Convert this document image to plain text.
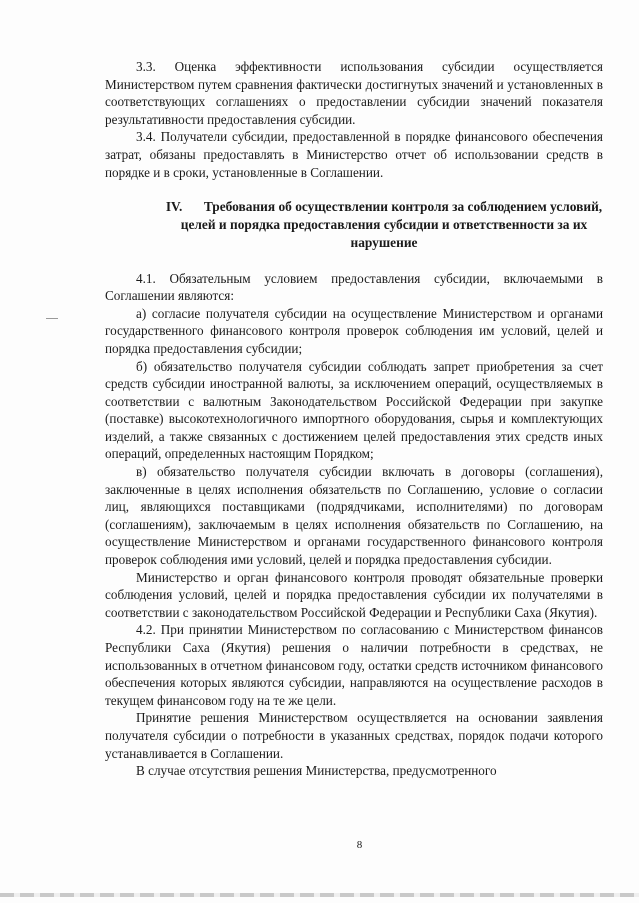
3.3. Оценка эффективности использования субсидии осуществляется Министерством путем сравнения фактически достигнутых значений и установленных в соответствующих соглашениях о предоставлении субсидии значений показателя результативности предоставления субсидии.

3.4. Получатели субсидии, предоставленной в порядке финансового обеспечения затрат, обязаны предоставлять в Министерство отчет об использовании средств в порядке и в сроки, установленные в Соглашении.

IV. Требования об осуществлении контроля за соблюдением условий, целей и порядка предоставления субсидии и ответственности за их нарушение

4.1. Обязательным условием предоставления субсидии, включаемыми в Соглашении являются:

а) согласие получателя субсидии на осуществление Министерством и органами государственного финансового контроля проверок соблюдения им условий, целей и порядка предоставления субсидии;

б) обязательство получателя субсидии соблюдать запрет приобретения за счет средств субсидии иностранной валюты, за исключением операций, осуществляемых в соответствии с валютным Законодательством Российской Федерации при закупке (поставке) высокотехнологичного импортного оборудования, сырья и комплектующих изделий, а также связанных с достижением целей предоставления этих средств иных операций, определенных настоящим Порядком;

в) обязательство получателя субсидии включать в договоры (соглашения), заключенные в целях исполнения обязательств по Соглашению, условие о согласии лиц, являющихся поставщиками (подрядчиками, исполнителями) по договорам (соглашениям), заключаемым в целях исполнения обязательств по Соглашению, на осуществление Министерством и органами государственного финансового контроля проверок соблюдения ими условий, целей и порядка предоставления субсидии.

Министерство и орган финансового контроля проводят обязательные проверки соблюдения условий, целей и порядка предоставления субсидии их получателями в соответствии с законодательством Российской Федерации и Республики Саха (Якутия).

4.2. При принятии Министерством по согласованию с Министерством финансов Республики Саха (Якутия) решения о наличии потребности в средствах, не использованных в отчетном финансовом году, остатки средств источником финансового обеспечения которых являются субсидии, направляются на осуществление расходов в текущем финансовом году на те же цели.

Принятие решения Министерством осуществляется на основании заявления получателя субсидии о потребности в указанных средствах, порядок подачи которого устанавливается в Соглашении.

В случае отсутствия решения Министерства, предусмотренного

8
